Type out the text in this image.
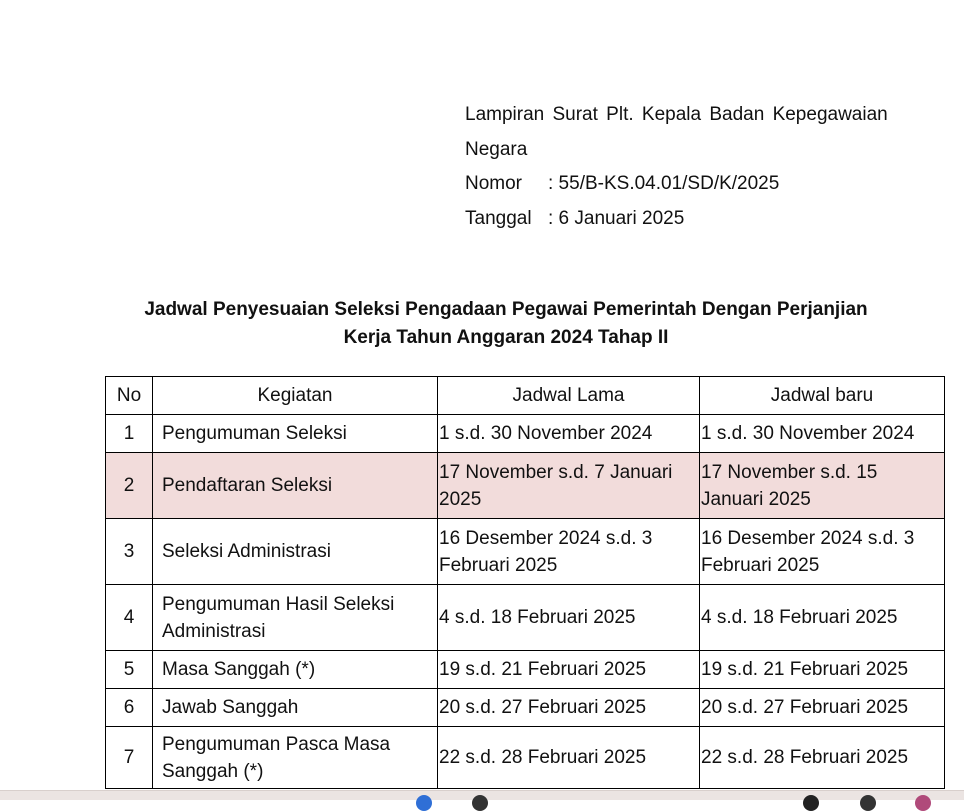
Lampiran Surat Plt. Kepala Badan Kepegawaian
Negara
Nomor	: 55/B-KS.04.01/SD/K/2025
Tanggal : 6 Januari 2025
Jadwal Penyesuaian Seleksi Pengadaan Pegawai Pemerintah Dengan Perjanjian
Kerja Tahun Anggaran 2024 Tahap II
No	Kegiatan	Jadwal Lama	Jadwal baru
1	Pengumuman Seleksi	1 s.d. 30 November 2024	1 s.d. 30 November 2024
2	Pendaftaran Seleksi	17 November s.d. 7 Januari 2025	17 November s.d. 15 Januari 2025
3	Seleksi Administrasi	16 Desember 2024 s.d. 3 Februari 2025	16 Desember 2024 s.d. 3 Februari 2025
4	Pengumuman Hasil Seleksi Administrasi	4 s.d. 18 Februari 2025	4 s.d. 18 Februari 2025
5	Masa Sanggah (*)	19 s.d. 21 Februari 2025	19 s.d. 21 Februari 2025
6	Jawab Sanggah	20 s.d. 27 Februari 2025	20 s.d. 27 Februari 2025
7	Pengumuman Pasca Masa Sanggah (*)	22 s.d. 28 Februari 2025	22 s.d. 28 Februari 2025
